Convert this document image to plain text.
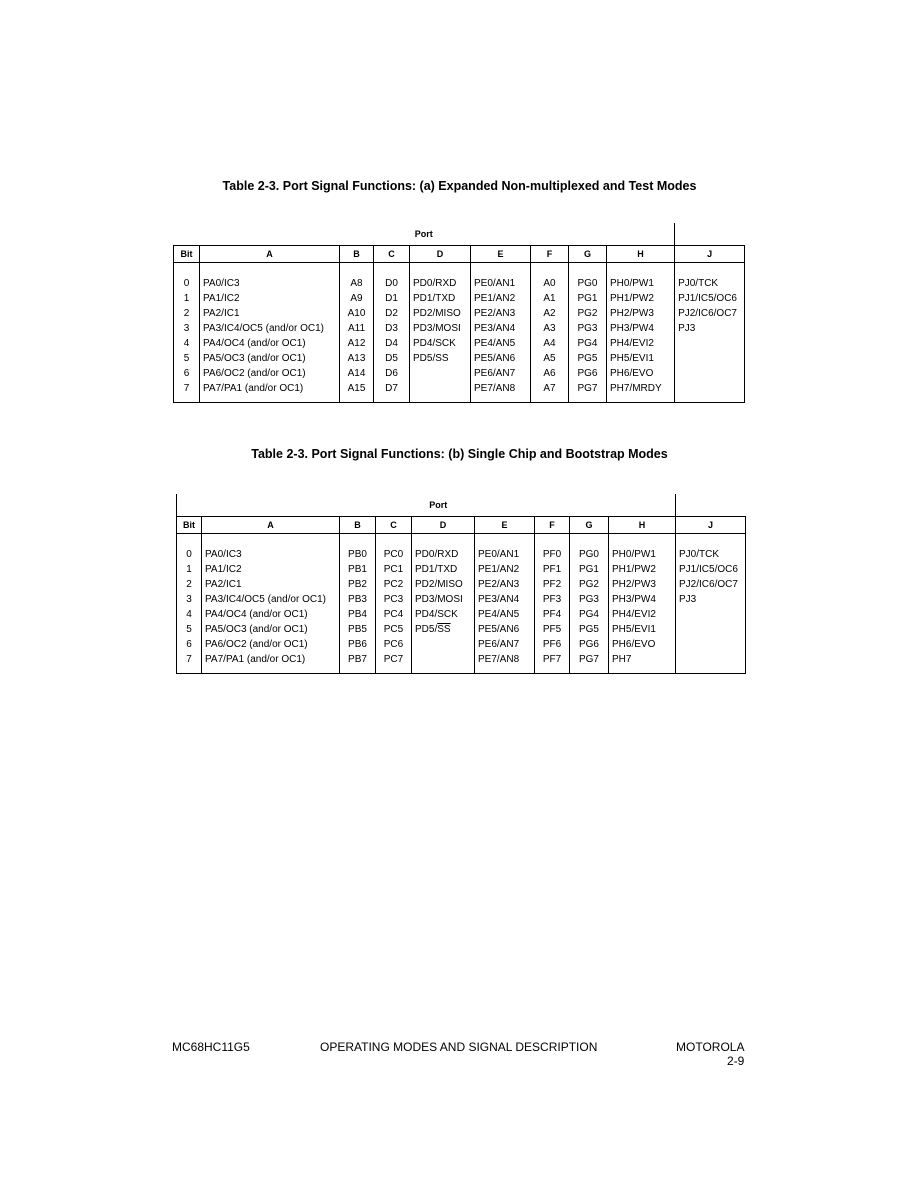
Table 2-3. Port Signal Functions: (a) Expanded Non-multiplexed and Test Modes
Port									
Bit	A	B	C	D	E	F	G	H	J

0	PA0/IC3	A8	D0	PD0/RXD	PE0/AN1	A0	PG0	PH0/PW1	PJ0/TCK
1	PA1/IC2	A9	D1	PD1/TXD	PE1/AN2	A1	PG1	PH1/PW2	PJ1/IC5/OC6
2	PA2/IC1	A10	D2	PD2/MISO	PE2/AN3	A2	PG2	PH2/PW3	PJ2/IC6/OC7
3	PA3/IC4/OC5 (and/or OC1)	A11	D3	PD3/MOSI	PE3/AN4	A3	PG3	PH3/PW4	PJ3
4	PA4/OC4 (and/or OC1)	A12	D4	PD4/SCK	PE4/AN5	A4	PG4	PH4/EVI2	
5	PA5/OC3 (and/or OC1)	A13	D5	PD5/SS	PE5/AN6	A5	PG5	PH5/EVI1	
6	PA6/OC2 (and/or OC1)	A14	D6		PE6/AN7	A6	PG6	PH6/EVO	
7	PA7/PA1 (and/or OC1)	A15	D7		PE7/AN8	A7	PG7	PH7/MRDY	

Table 2-3. Port Signal Functions: (b) Single Chip and Bootstrap Modes
	Port								
Bit	A	B	C	D	E	F	G	H	J

0	PA0/IC3	PB0	PC0	PD0/RXD	PE0/AN1	PF0	PG0	PH0/PW1	PJ0/TCK
1	PA1/IC2	PB1	PC1	PD1/TXD	PE1/AN2	PF1	PG1	PH1/PW2	PJ1/IC5/OC6
2	PA2/IC1	PB2	PC2	PD2/MISO	PE2/AN3	PF2	PG2	PH2/PW3	PJ2/IC6/OC7
3	PA3/IC4/OC5 (and/or OC1)	PB3	PC3	PD3/MOSI	PE3/AN4	PF3	PG3	PH3/PW4	PJ3
4	PA4/OC4 (and/or OC1)	PB4	PC4	PD4/SCK	PE4/AN5	PF4	PG4	PH4/EVI2	
5	PA5/OC3 (and/or OC1)	PB5	PC5	$PD5/\overline{SS}$	PE5/AN6	PF5	PG5	PH5/EVI1	
6	PA6/OC2 (and/or OC1)	PB6	PC6		PE6/AN7	PF6	PG6	PH6/EVO	
7	PA7/PA1 (and/or OC1)	PB7	PC7		PE7/AN8	PF7	PG7	PH7	

MC68HC11G5	OPERATING MODES AND SIGNAL DESCRIPTION	MOTOROLA
2-9
